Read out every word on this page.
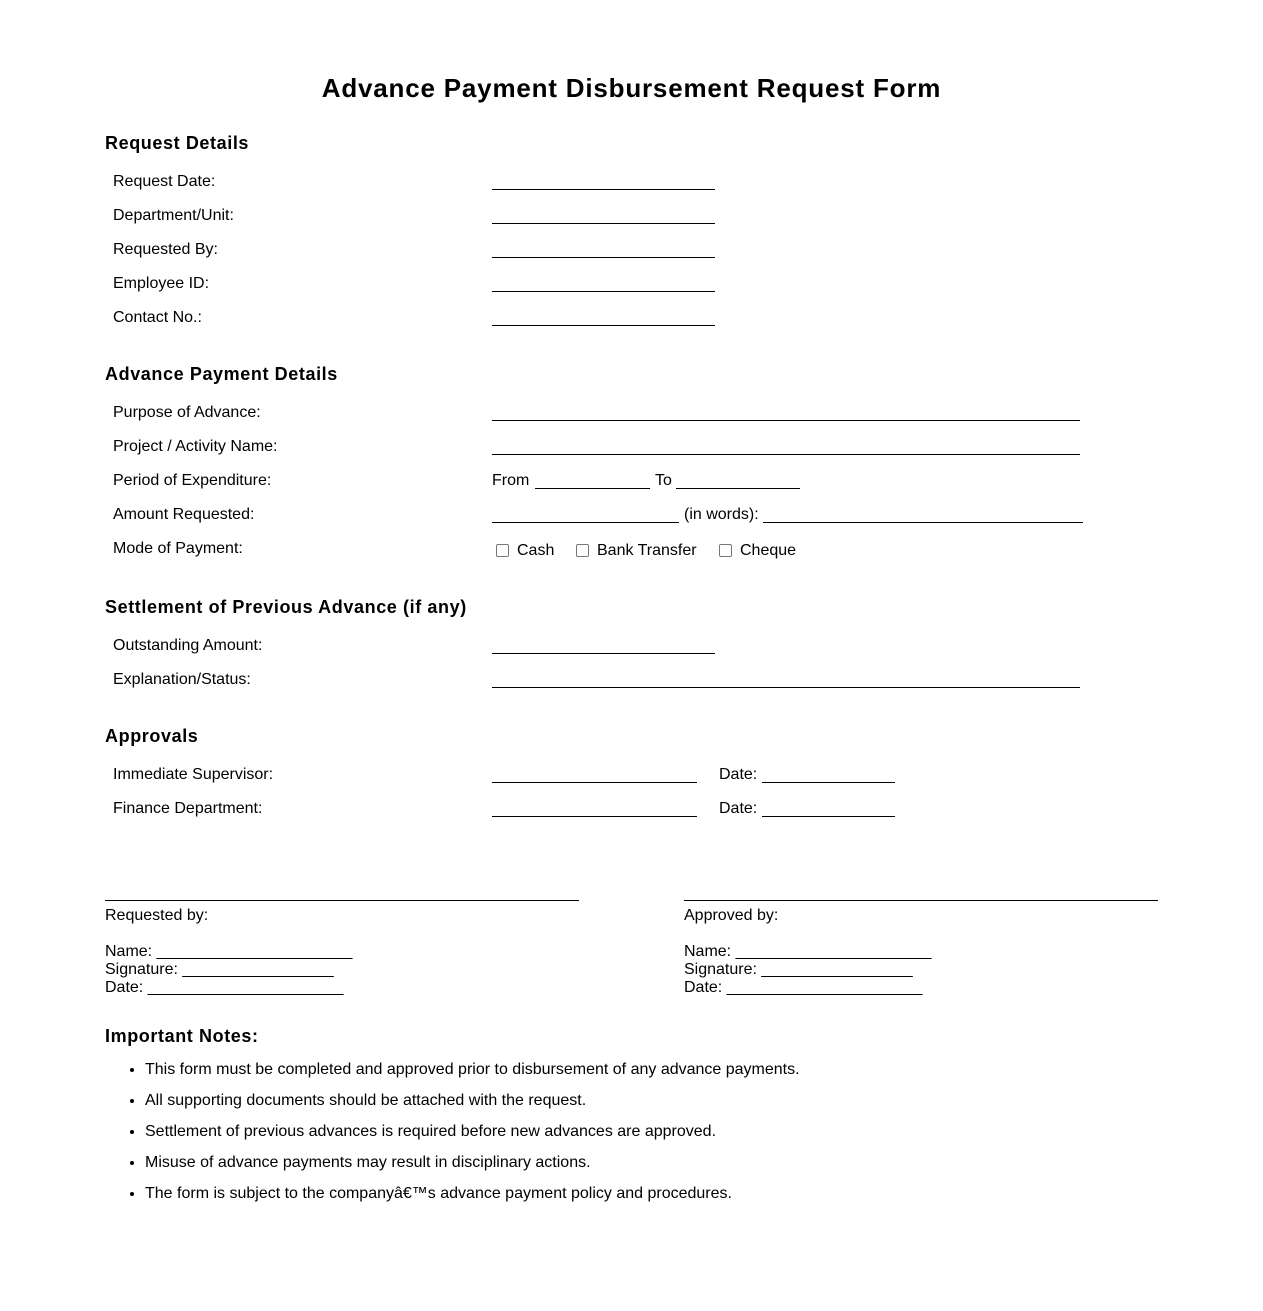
Advance Payment Disbursement Request Form
Request Details
Request Date:
Department/Unit:
Requested By:
Employee ID:
Contact No.:
Advance Payment Details
Purpose of Advance:
Project / Activity Name:
Period of Expenditure:	From	To
Amount Requested:	(in words):
Mode of Payment:	Cash	Bank Transfer	Cheque
Settlement of Previous Advance (if any)
Outstanding Amount:
Explanation/Status:
Approvals
Immediate Supervisor:	Date:
Finance Department:	Date:
Requested by:
Name: ______________________
Signature: _________________
Date: ______________________
Approved by:
Name: ______________________
Signature: _________________
Date: ______________________
Important Notes:
• This form must be completed and approved prior to disbursement of any advance payments.
• All supporting documents should be attached with the request.
• Settlement of previous advances is required before new advances are approved.
• Misuse of advance payments may result in disciplinary actions.
• The form is subject to the companyâ€™s advance payment policy and procedures.
